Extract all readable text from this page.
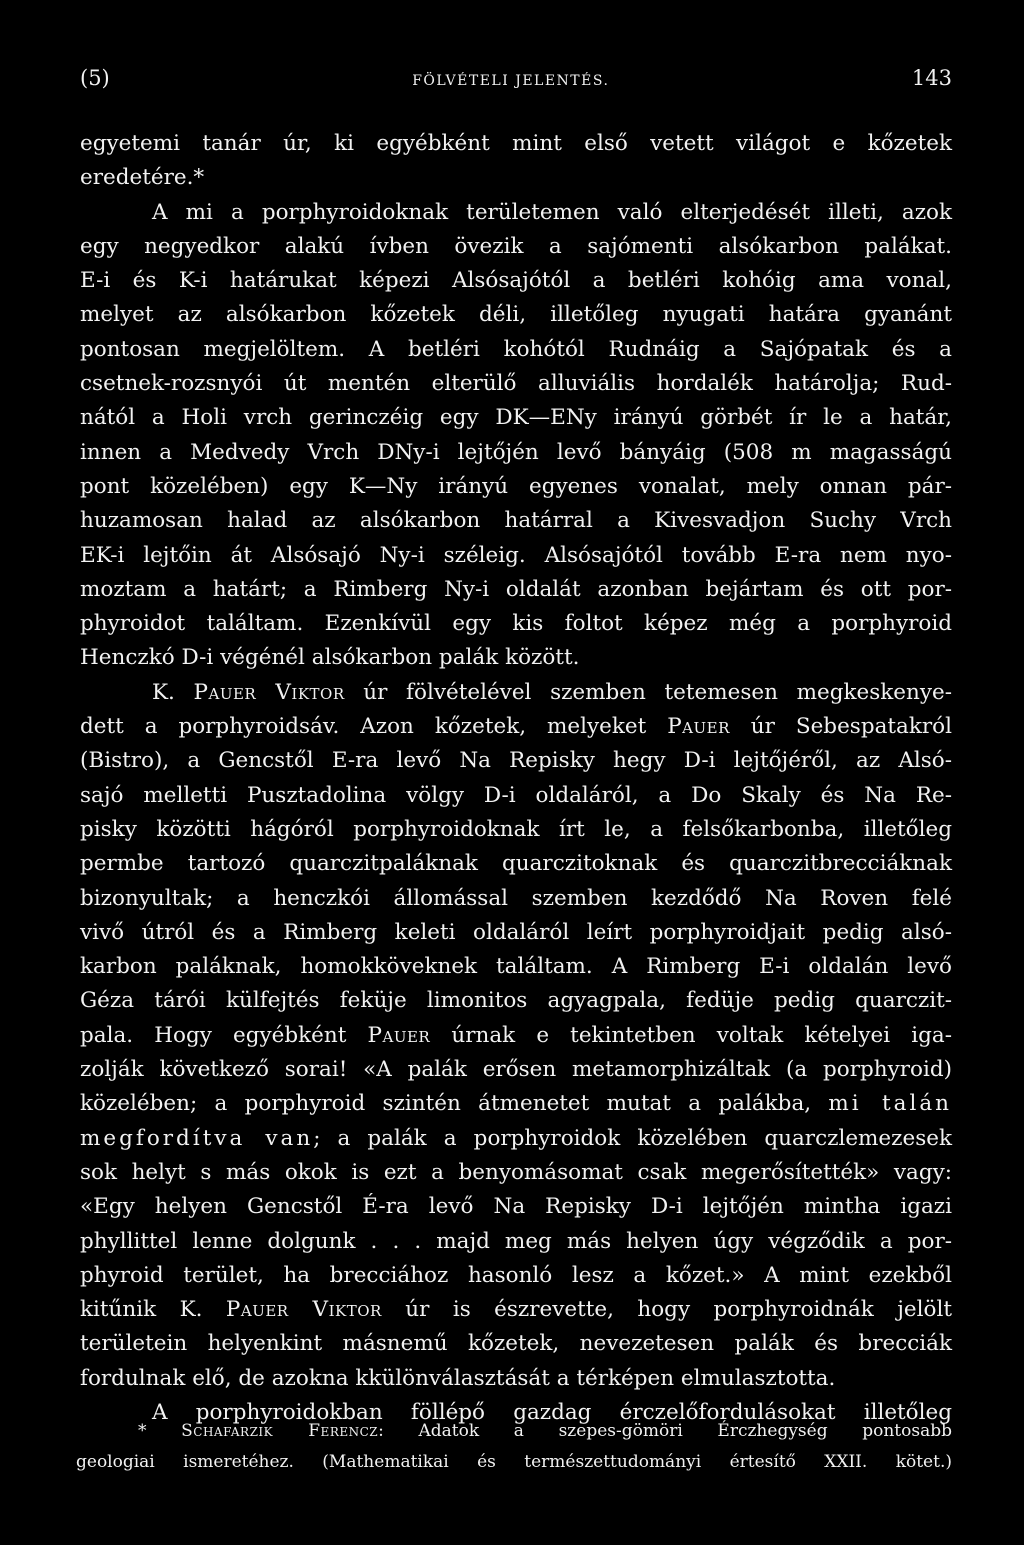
(5)	FÖLVÉTELI JELENTÉS.	143
egyetemi tanár úr, ki egyébként mint első vetett világot e kőzetek
eredetére.*
A mi a porphyroidoknak területemen való elterjedését illeti, azok
egy negyedkor alakú ívben övezik a sajómenti alsókarbon palákat.
E-i és K-i határukat képezi Alsósajótól a betléri kohóig ama vonal,
melyet az alsókarbon kőzetek déli, illetőleg nyugati határa gyanánt
pontosan megjelöltem. A betléri kohótól Rudnáig a Sajópatak és a
csetnek-rozsnyói út mentén elterülő alluviális hordalék határolja; Rud-
nától a Holi vrch gerinczéig egy DK—ENy irányú görbét ír le a határ,
innen a Medvedy Vrch DNy-i lejtőjén levő bányáig (508 m magasságú
pont közelében) egy K—Ny irányú egyenes vonalat, mely onnan pár-
huzamosan halad az alsókarbon határral a Kivesvadjon Suchy Vrch
EK-i lejtőin át Alsósajó Ny-i széleig. Alsósajótól tovább E-ra nem nyo-
moztam a határt; a Rimberg Ny-i oldalát azonban bejártam és ott por-
phyroidot találtam. Ezenkívül egy kis foltot képez még a porphyroid
Henczkó D-i végénél alsókarbon palák között.
K. Pauer Viktor úr fölvételével szemben tetemesen megkeskenye-
dett a porphyroidsáv. Azon kőzetek, melyeket Pauer úr Sebespatakról
(Bistro), a Gencstől E-ra levő Na Repisky hegy D-i lejtőjéről, az Alsó-
sajó melletti Pusztadolina völgy D-i oldaláról, a Do Skaly és Na Re-
pisky közötti hágóról porphyroidoknak írt le, a felsőkarbonba, illetőleg
permbe tartozó quarczitpaláknak quarczitoknak és quarczitbrecciáknak
bizonyultak; a henczkói állomással szemben kezdődő Na Roven felé
vivő útról és a Rimberg keleti oldaláról leírt porphyroidjait pedig alsó-
karbon paláknak, homokköveknek találtam. A Rimberg E-i oldalán levő
Géza tárói külfejtés feküje limonitos agyagpala, fedüje pedig quarczit-
pala. Hogy egyébként Pauer úrnak e tekintetben voltak kételyei iga-
zolják következő sorai! «A palák erősen metamorphizáltak (a porphyroid)
közelében; a porphyroid szintén átmenetet mutat a palákba, mi talán
megfordítva van; a palák a porphyroidok közelében quarczlemezesek
sok helyt s más okok is ezt a benyomásomat csak megerősítették» vagy:
«Egy helyen Gencstől É-ra levő Na Repisky D-i lejtőjén mintha igazi
phyllittel lenne dolgunk . . . majd meg más helyen úgy végződik a por-
phyroid terület, ha brecciához hasonló lesz a kőzet.» A mint ezekből
kitűnik K. Pauer Viktor úr is észrevette, hogy porphyroidnák jelölt
területein helyenkint másnemű kőzetek, nevezetesen palák és brecciák
fordulnak elő, de azokna kkülönválasztását a térképen elmulasztotta.
A porphyroidokban föllépő gazdag érczelőfordulásokat illetőleg
* Schafarzik Ferencz: Adatok a szepes-gömöri Érczhegység pontosabb
geologiai ismeretéhez. (Mathematikai és természettudományi értesítő XXII. kötet.)
